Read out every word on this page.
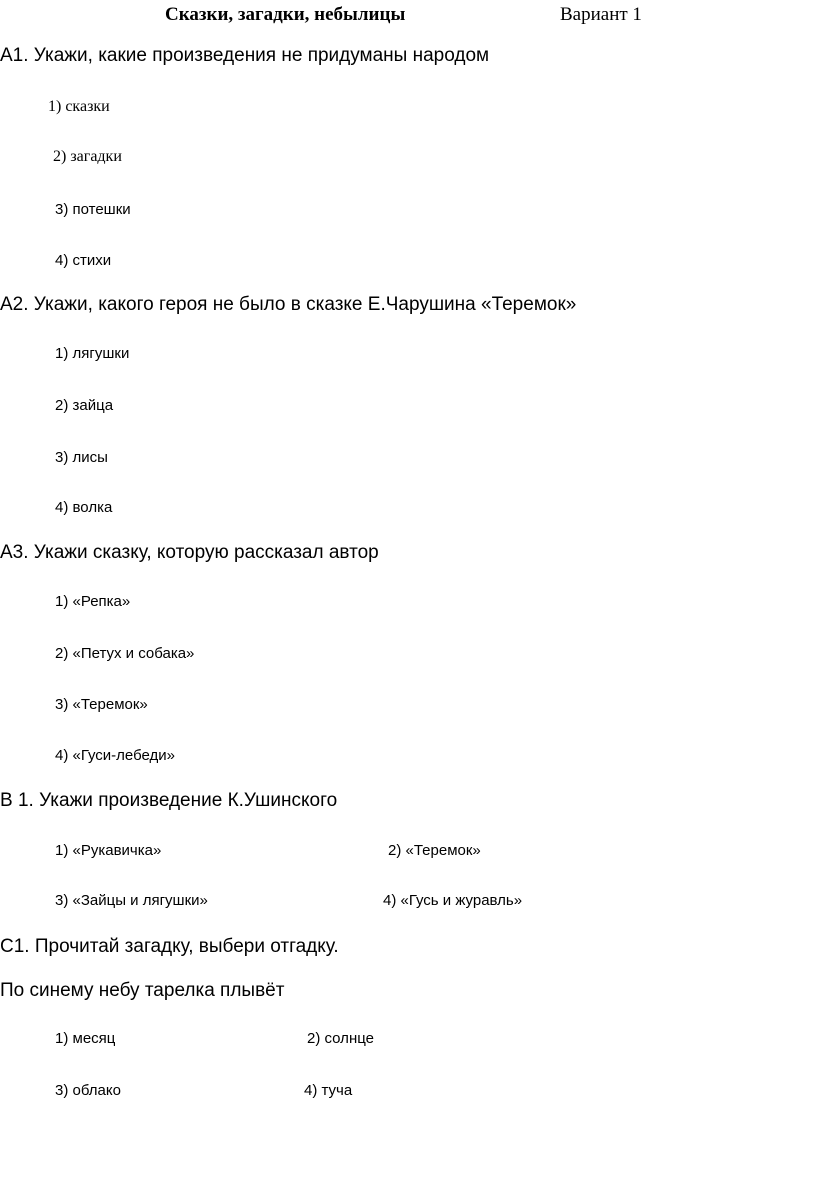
Сказки, загадки, небылицы	Вариант 1
А1. Укажи, какие произведения не придуманы народом
1) сказки
2) загадки
3) потешки
4) стихи
А2. Укажи, какого героя не было в сказке Е.Чарушина «Теремок»
1) лягушки
2) зайца
3) лисы
4) волка
А3. Укажи сказку, которую рассказал автор
1) «Репка»
2) «Петух и собака»
3) «Теремок»
4) «Гуси-лебеди»
В 1. Укажи произведение К.Ушинского
1) «Рукавичка»	2) «Теремок»
3) «Зайцы и лягушки»	4) «Гусь и журавль»
С1. Прочитай загадку, выбери отгадку.
По синему небу тарелка плывёт
1) месяц	2) солнце
3) облако	4) туча
